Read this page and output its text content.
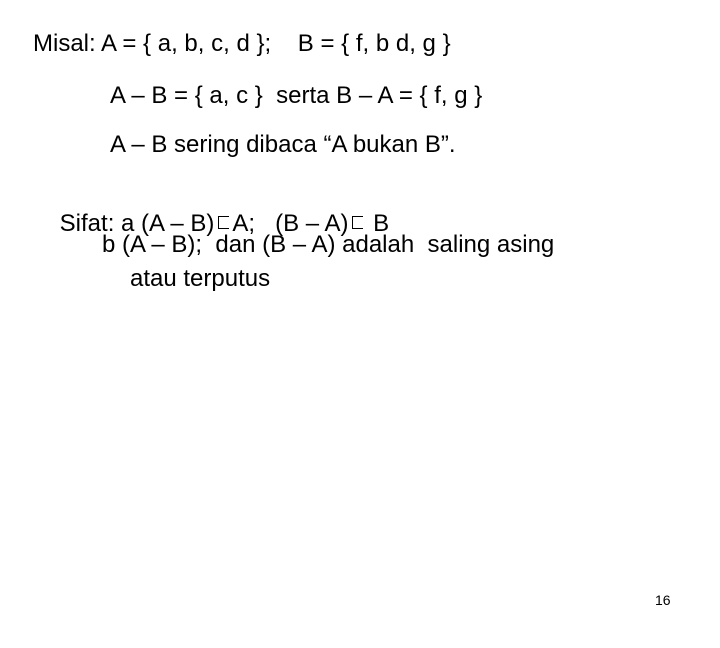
Misal: A = { a, b, c, d };    B = { f, b d, g }
A – B = { a, c }  serta B – A = { f, g }
A – B sering dibaca “A bukan B”.

Sifat: a (A – B) A;   (B – A) B

b (A – B);  dan (B – A) adalah  saling asing
atau terputus
16
